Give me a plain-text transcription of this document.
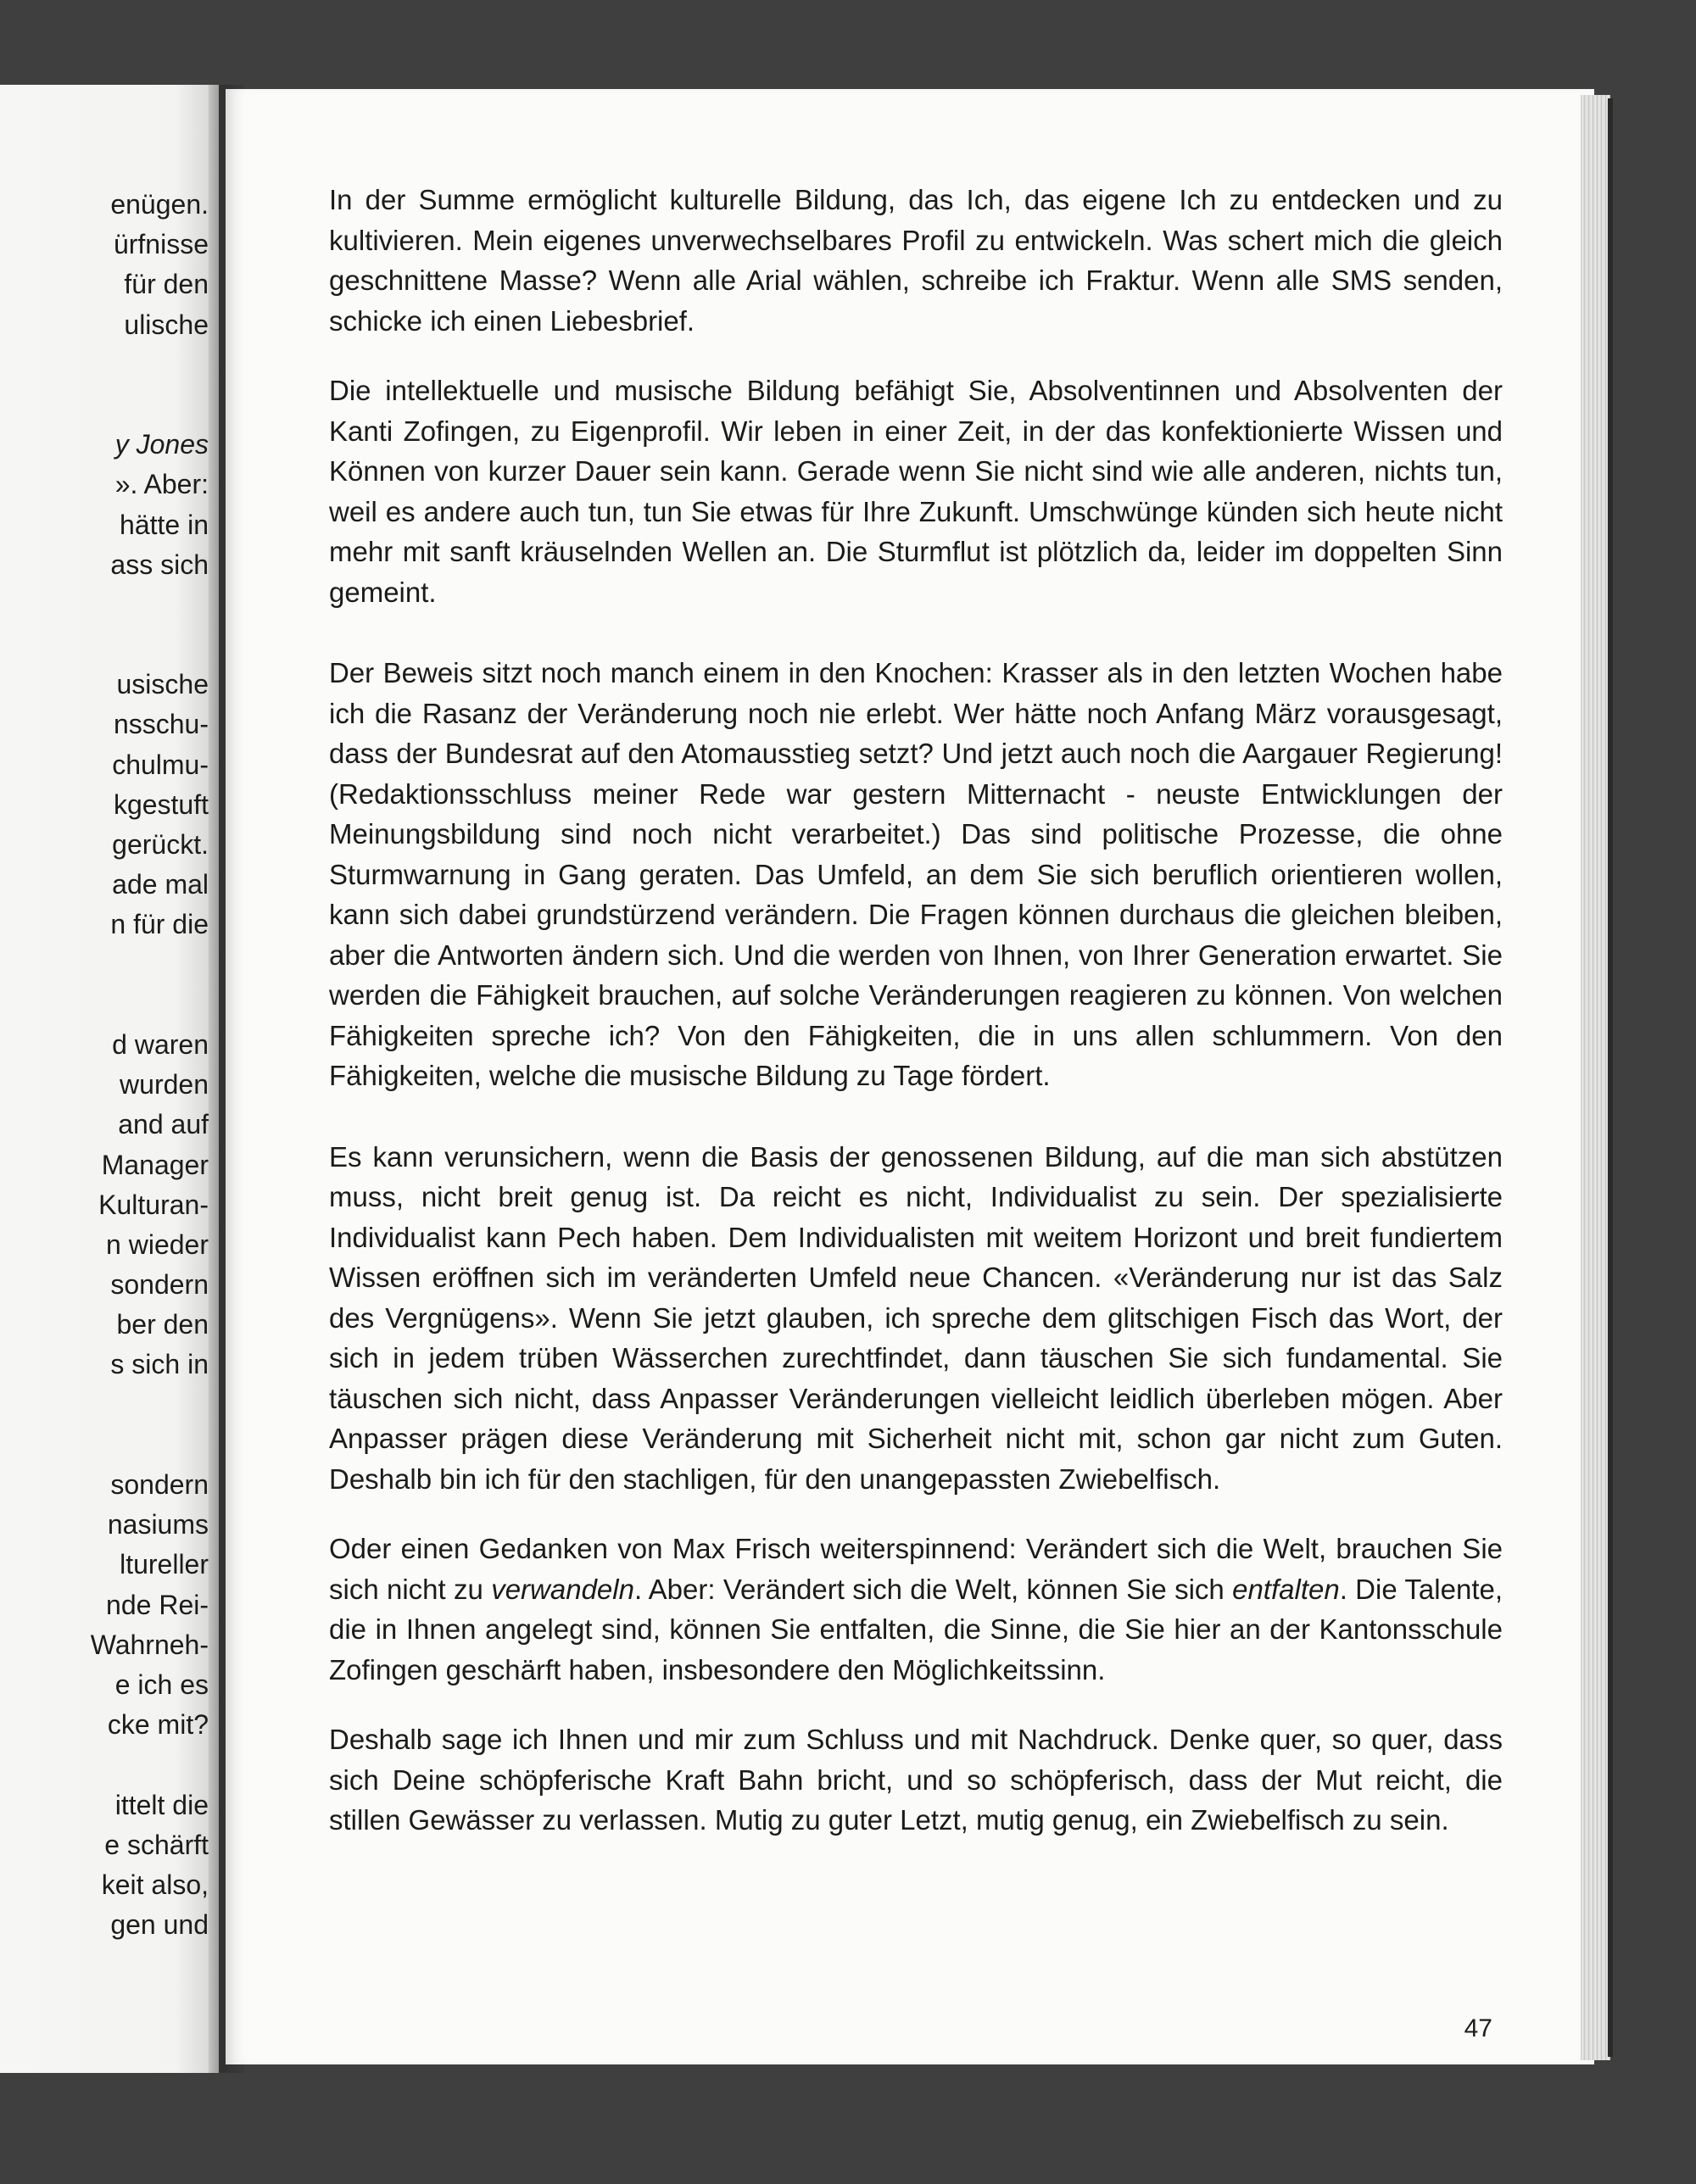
enügen.
ürfnisse
für den
ulische
y Jones
». Aber:
hätte in
ass sich
usische
nsschu-
chulmu-
kgestuft
gerückt.
ade mal
n für die
d waren
wurden
and auf
Manager
Kulturan-
n wieder
sondern
ber den
s sich in
sondern
nasiums
ltureller
nde Rei-
Wahrneh-
e ich es
cke mit?
ittelt die
e schärft
keit also,
gen und

In der Summe ermöglicht kulturelle Bildung, das Ich, das eigene Ich zu entdecken und zu kultivieren. Mein eigenes unverwechselbares Profil zu entwickeln. Was schert mich die gleich geschnittene Masse? Wenn alle Arial wählen, schreibe ich Fraktur. Wenn alle SMS senden, schicke ich einen Liebesbrief.

Die intellektuelle und musische Bildung befähigt Sie, Absolventinnen und Absolventen der Kanti Zofingen, zu Eigenprofil. Wir leben in einer Zeit, in der das konfektionierte Wissen und Können von kurzer Dauer sein kann. Gerade wenn Sie nicht sind wie alle anderen, nichts tun, weil es andere auch tun, tun Sie etwas für Ihre Zukunft. Umschwünge künden sich heute nicht mehr mit sanft kräuselnden Wellen an. Die Sturmflut ist plötzlich da, leider im doppelten Sinn gemeint.

Der Beweis sitzt noch manch einem in den Knochen: Krasser als in den letzten Wochen habe ich die Rasanz der Veränderung noch nie erlebt. Wer hätte noch Anfang März vorausgesagt, dass der Bundesrat auf den Atomausstieg setzt? Und jetzt auch noch die Aargauer Regierung! (Redaktionsschluss meiner Rede war gestern Mitternacht - neuste Entwicklungen der Meinungsbildung sind noch nicht verarbeitet.) Das sind politische Prozesse, die ohne Sturmwarnung in Gang geraten. Das Umfeld, an dem Sie sich beruflich orientieren wollen, kann sich dabei grundstürzend verändern. Die Fragen können durchaus die gleichen bleiben, aber die Antworten ändern sich. Und die werden von Ihnen, von Ihrer Generation erwartet. Sie werden die Fähigkeit brauchen, auf solche Veränderungen reagieren zu können. Von welchen Fähigkeiten spreche ich? Von den Fähigkeiten, die in uns allen schlummern. Von den Fähigkeiten, welche die musische Bildung zu Tage fördert.

Es kann verunsichern, wenn die Basis der genossenen Bildung, auf die man sich abstützen muss, nicht breit genug ist. Da reicht es nicht, Individualist zu sein. Der spezialisierte Individualist kann Pech haben. Dem Individualisten mit weitem Horizont und breit fundiertem Wissen eröffnen sich im veränderten Umfeld neue Chancen. «Veränderung nur ist das Salz des Vergnügens». Wenn Sie jetzt glauben, ich spreche dem glitschigen Fisch das Wort, der sich in jedem trüben Wässerchen zurechtfindet, dann täuschen Sie sich fundamental. Sie täuschen sich nicht, dass Anpasser Veränderungen vielleicht leidlich überleben mögen. Aber Anpasser prägen diese Veränderung mit Sicherheit nicht mit, schon gar nicht zum Guten. Deshalb bin ich für den stachligen, für den unangepassten Zwiebelfisch.

Oder einen Gedanken von Max Frisch weiterspinnend: Verändert sich die Welt, brauchen Sie sich nicht zu verwandeln. Aber: Verändert sich die Welt, können Sie sich entfalten. Die Talente, die in Ihnen angelegt sind, können Sie entfalten, die Sinne, die Sie hier an der Kantonsschule Zofingen geschärft haben, insbesondere den Möglichkeitssinn.

Deshalb sage ich Ihnen und mir zum Schluss und mit Nachdruck. Denke quer, so quer, dass sich Deine schöpferische Kraft Bahn bricht, und so schöpferisch, dass der Mut reicht, die stillen Gewässer zu verlassen. Mutig zu guter Letzt, mutig genug, ein Zwiebelfisch zu sein.

47
